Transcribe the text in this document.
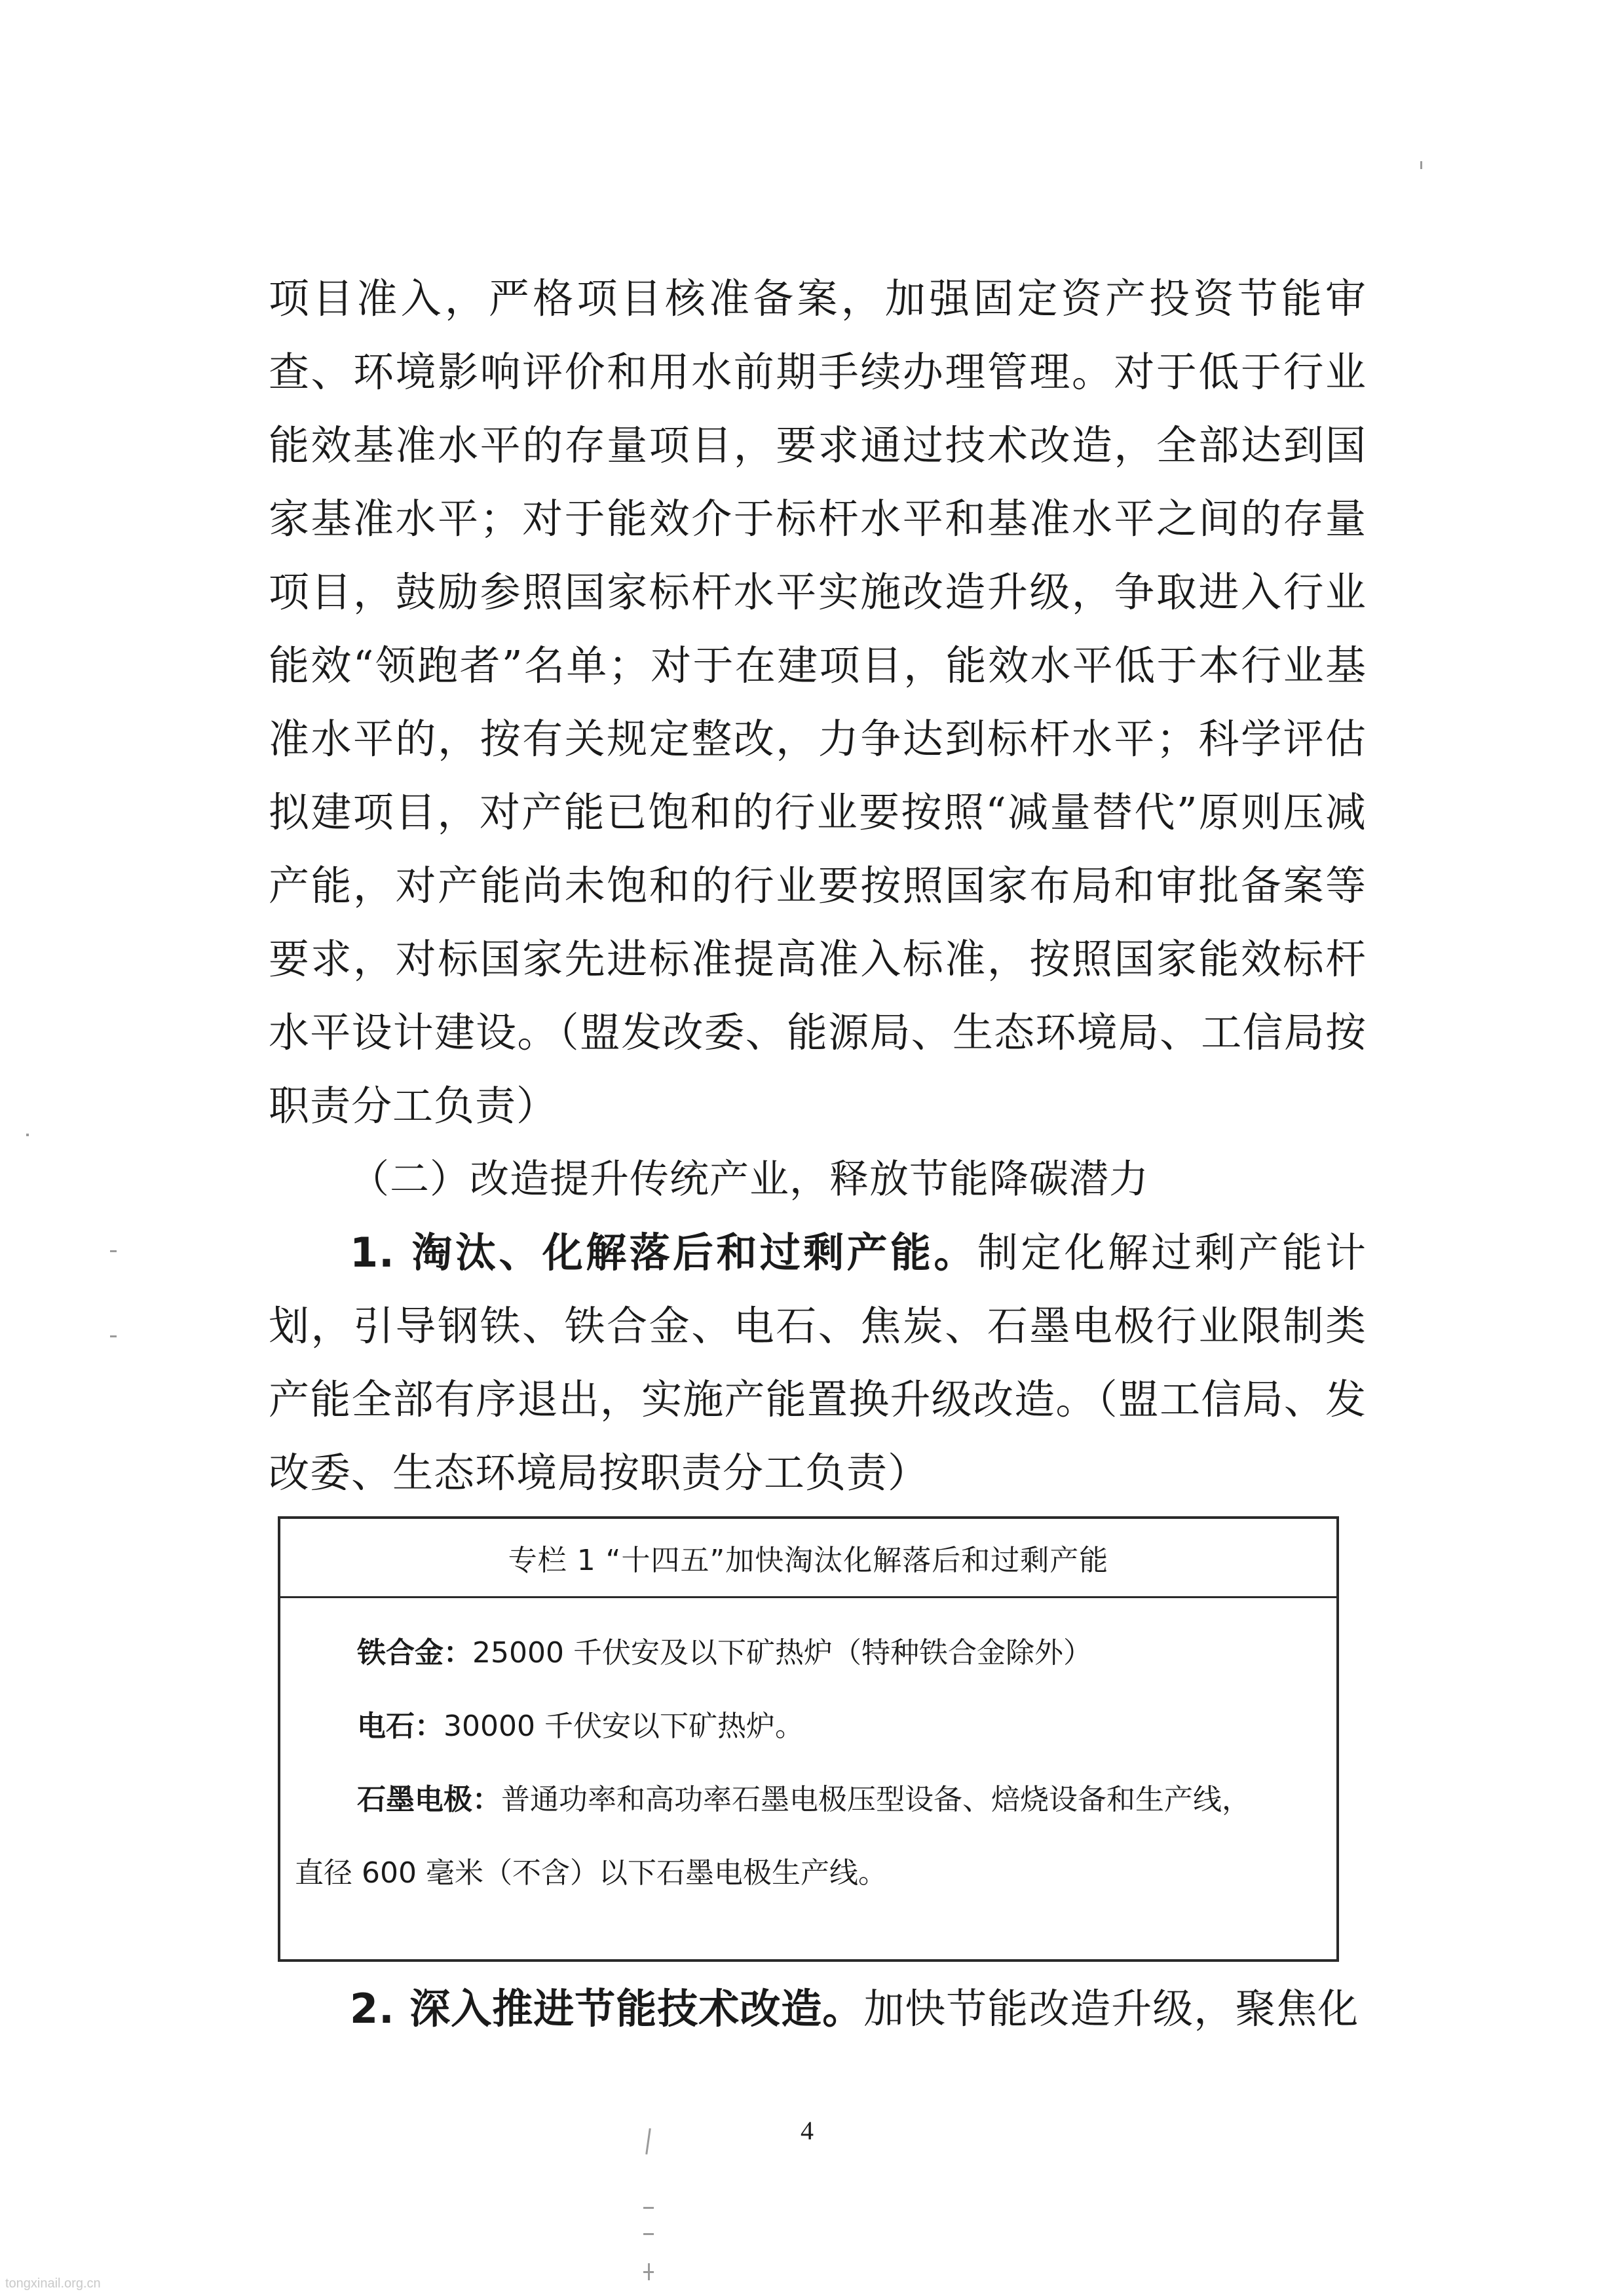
项目准入，严格项目核准备案，加强固定资产投资节能审查、环境影响评价和用水前期手续办理管理。对于低于行业能效基准水平的存量项目，要求通过技术改造，全部达到国家基准水平；对于能效介于标杆水平和基准水平之间的存量项目，鼓励参照国家标杆水平实施改造升级，争取进入行业能效“领跑者”名单；对于在建项目，能效水平低于本行业基准水平的，按有关规定整改，力争达到标杆水平；科学评估拟建项目，对产能已饱和的行业要按照“减量替代”原则压减产能，对产能尚未饱和的行业要按照国家布局和审批备案等要求，对标国家先进标准提高准入标准，按照国家能效标杆水平设计建设。（盟发改委、能源局、生态环境局、工信局按职责分工负责）

（二）改造提升传统产业，释放节能降碳潜力

1. 淘汰、化解落后和过剩产能。制定化解过剩产能计划，引导钢铁、铁合金、电石、焦炭、石墨电极行业限制类产能全部有序退出，实施产能置换升级改造。（盟工信局、发改委、生态环境局按职责分工负责）

专栏 1 “十四五”加快淘汰化解落后和过剩产能

铁合金：25000 千伏安及以下矿热炉（特种铁合金除外）

电石：30000 千伏安以下矿热炉。

石墨电极：普通功率和高功率石墨电极压型设备、焙烧设备和生产线，

直径 600 毫米（不含）以下石墨电极生产线。

2. 深入推进节能技术改造。加快节能改造升级，聚焦化

4
tongxinail.org.cn
